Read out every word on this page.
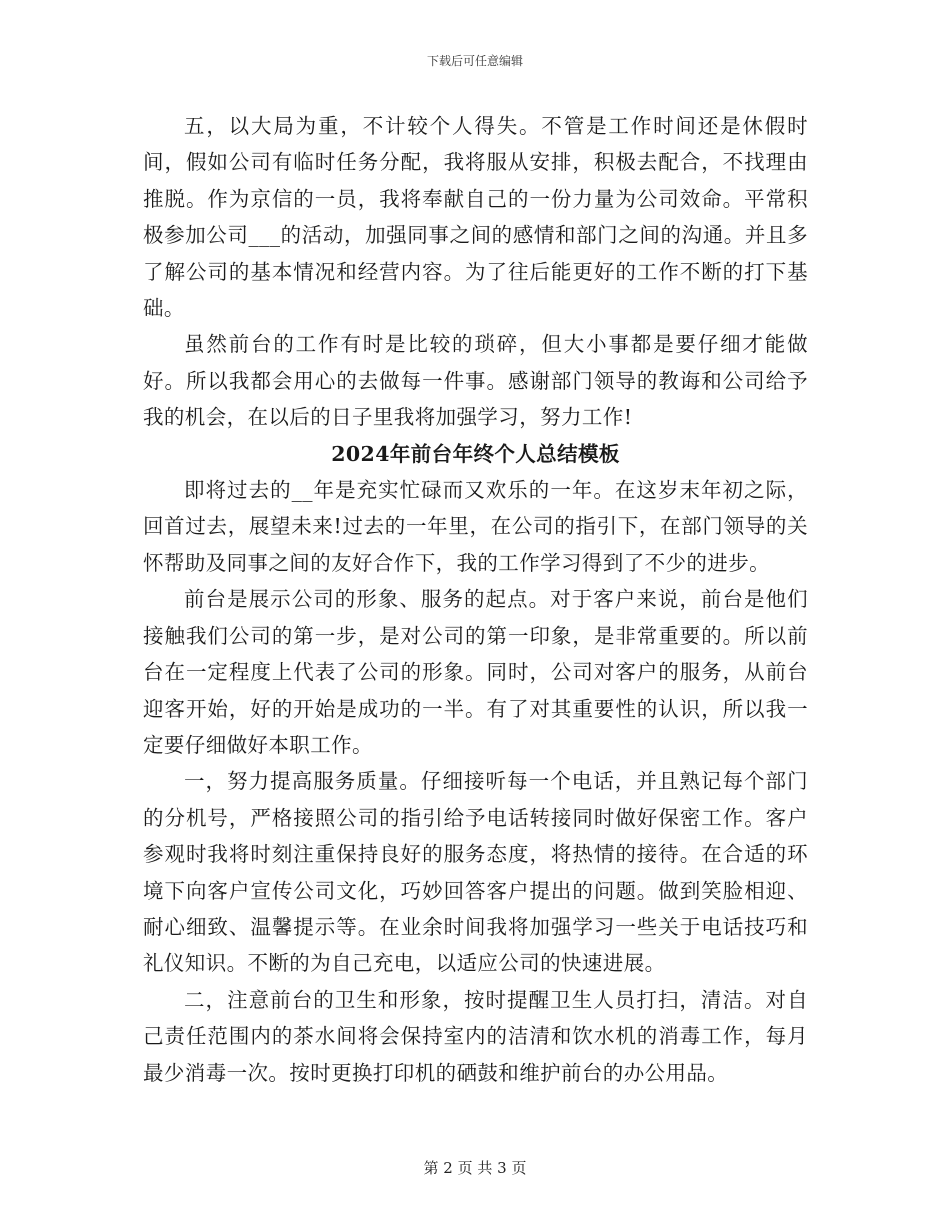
下载后可任意编辑

五，以大局为重，不计较个人得失。不管是工作时间还是休假时间，假如公司有临时任务分配，我将服从安排，积极去配合，不找理由推脱。作为京信的一员，我将奉献自己的一份力量为公司效命。平常积极参加公司___的活动，加强同事之间的感情和部门之间的沟通。并且多了解公司的基本情况和经营内容。为了往后能更好的工作不断的打下基础。

虽然前台的工作有时是比较的琐碎，但大小事都是要仔细才能做好。所以我都会用心的去做每一件事。感谢部门领导的教诲和公司给予我的机会，在以后的日子里我将加强学习，努力工作!

2024年前台年终个人总结模板

即将过去的__年是充实忙碌而又欢乐的一年。在这岁末年初之际，回首过去，展望未来!过去的一年里，在公司的指引下，在部门领导的关怀帮助及同事之间的友好合作下，我的工作学习得到了不少的进步。

前台是展示公司的形象、服务的起点。对于客户来说，前台是他们接触我们公司的第一步，是对公司的第一印象，是非常重要的。所以前台在一定程度上代表了公司的形象。同时，公司对客户的服务，从前台迎客开始，好的开始是成功的一半。有了对其重要性的认识，所以我一定要仔细做好本职工作。

一，努力提高服务质量。仔细接听每一个电话，并且熟记每个部门的分机号，严格接照公司的指引给予电话转接同时做好保密工作。客户参观时我将时刻注重保持良好的服务态度，将热情的接待。在合适的环境下向客户宣传公司文化，巧妙回答客户提出的问题。做到笑脸相迎、耐心细致、温馨提示等。在业余时间我将加强学习一些关于电话技巧和礼仪知识。不断的为自己充电，以适应公司的快速进展。

二，注意前台的卫生和形象，按时提醒卫生人员打扫，清洁。对自己责任范围内的茶水间将会保持室内的洁清和饮水机的消毒工作，每月最少消毒一次。按时更换打印机的硒鼓和维护前台的办公用品。

第 2 页 共 3 页
